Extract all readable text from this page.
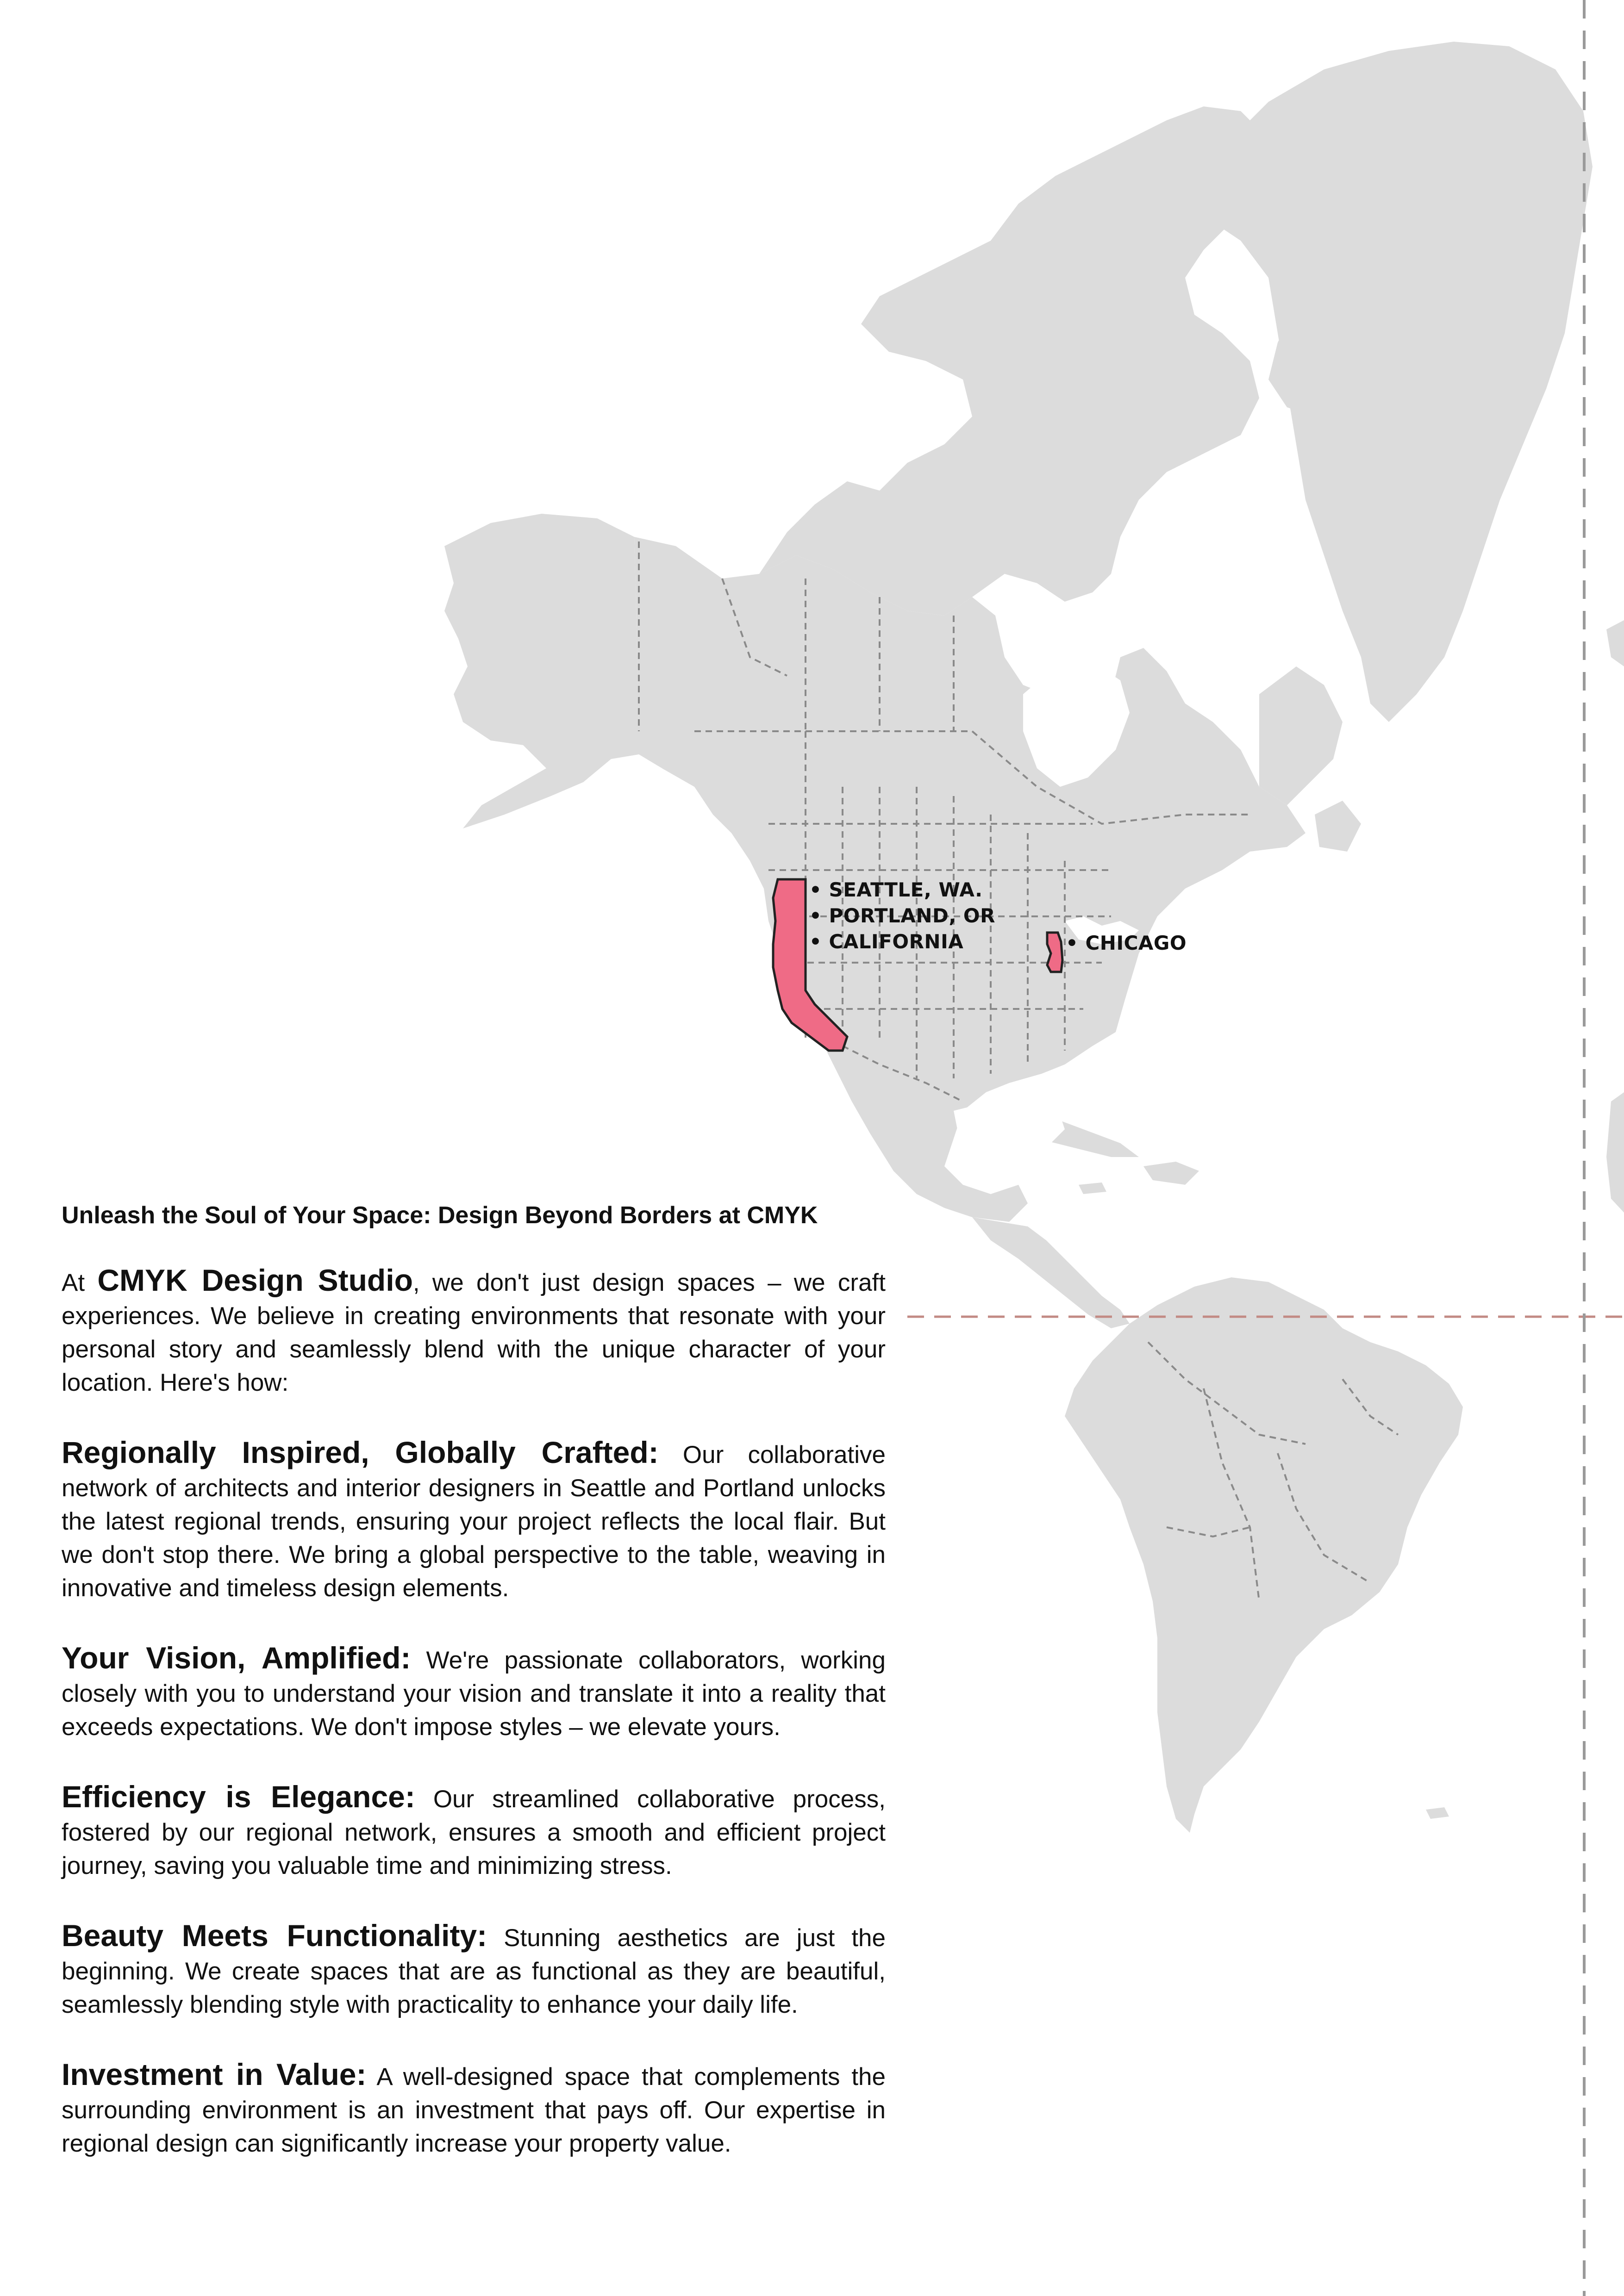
• SEATTLE, WA.
• PORTLAND, OR
• CALIFORNIA	• CHICAGO
Unleash the Soul of Your Space: Design Beyond Borders at CMYK

At CMYK Design Studio, we don't just design spaces – we craft experiences. We believe in creating environments that resonate with your personal story and seamlessly blend with the unique character of your location. Here's how:

Regionally Inspired, Globally Crafted: Our collaborative network of architects and interior designers in Seattle and Portland unlocks the latest regional trends, ensuring your project reflects the local flair. But we don't stop there. We bring a global perspective to the table, weaving in innovative and timeless design elements.

Your Vision, Amplified: We're passionate collaborators, working closely with you to understand your vision and translate it into a reality that exceeds expectations. We don't impose styles – we elevate yours.

Efficiency is Elegance: Our streamlined collaborative process, fostered by our regional network, ensures a smooth and efficient project journey, saving you valuable time and minimizing stress.

Beauty Meets Functionality: Stunning aesthetics are just the beginning. We create spaces that are as functional as they are beautiful, seamlessly blending style with practicality to enhance your daily life.

Investment in Value: A well-designed space that complements the surrounding environment is an investment that pays off. Our expertise in regional design can significantly increase your property value.
